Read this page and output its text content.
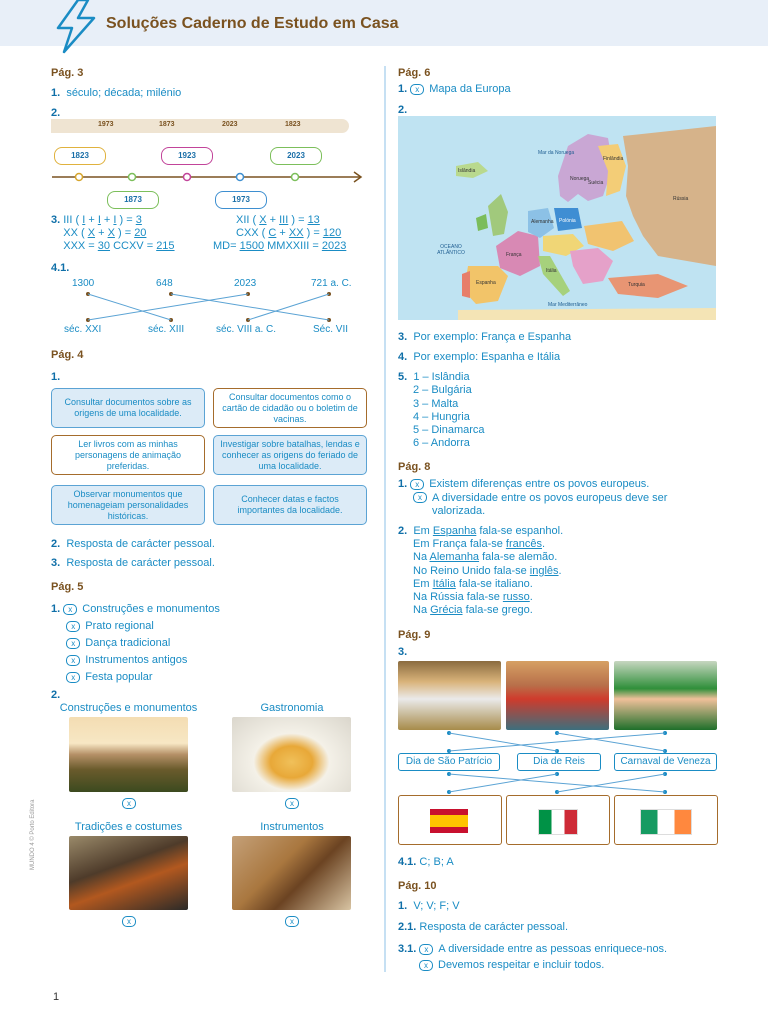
Soluções Caderno de Estudo em Casa
Pág. 3
1. século; década; milénio
2.
1973	1873	2023	1823
1823	1923	2023
1873	1973
3. III ( I + I + I ) = 3
XX ( X + X ) = 20
XXX = 30 CCXV = 215
XII ( X + III ) = 13
CXX ( C + XX ) = 120
MD= 1500 MMXXIII = 2023
4.1.
1300	648	2023	721 a. C.
séc. XXI	séc. XIII	séc. VIII a. C.	Séc. VII
Pág. 4
1.
Consultar documentos sobre as origens de uma localidade.
Consultar documentos como o cartão de cidadão ou o boletim de vacinas.
Ler livros com as minhas personagens de animação preferidas.
Investigar sobre batalhas, lendas e conhecer as origens do feriado de uma localidade.
Observar monumentos que homenageiam personalidades históricas.
Conhecer datas e factos importantes da localidade.
2. Resposta de carácter pessoal.
3. Resposta de carácter pessoal.
Pág. 5
1. x Construções e monumentos
x Prato regional
x Dança tradicional
x Instrumentos antigos
x Festa popular
2.
Construções e monumentos	Gastronomia
x	x
Tradições e costumes	Instrumentos
x	x
Pág. 6
1. x Mapa da Europa
2.
OCEANO ATLÂNTICO
Islândia
Mar da Noruega
Noruega
Suécia
Finlândia
Polónia
Alemanha
França
Espanha
Itália
Rússia
Turquia
Mar Mediterrâneo
3. Por exemplo: França e Espanha
4. Por exemplo: Espanha e Itália
5. 1 – Islândia
2 – Bulgária
3 – Malta
4 – Hungria
5 – Dinamarca
6 – Andorra
Pág. 8
1. x Existem diferenças entre os povos europeus.
x A diversidade entre os povos europeus deve ser
valorizada.
2. Em Espanha fala-se espanhol.
Em França fala-se francês.
Na Alemanha fala-se alemão.
No Reino Unido fala-se inglês.
Em Itália fala-se italiano.
Na Rússia fala-se russo.
Na Grécia fala-se grego.
Pág. 9
3.
Dia de São Patrício	Dia de Reis	Carnaval de Veneza
4.1. C; B; A
Pág. 10
1. V; V; F; V
2.1. Resposta de carácter pessoal.
3.1. x A diversidade entre as pessoas enriquece-nos.
x Devemos respeitar e incluir todos.
MUNDO 4 © Porto Editora
1
